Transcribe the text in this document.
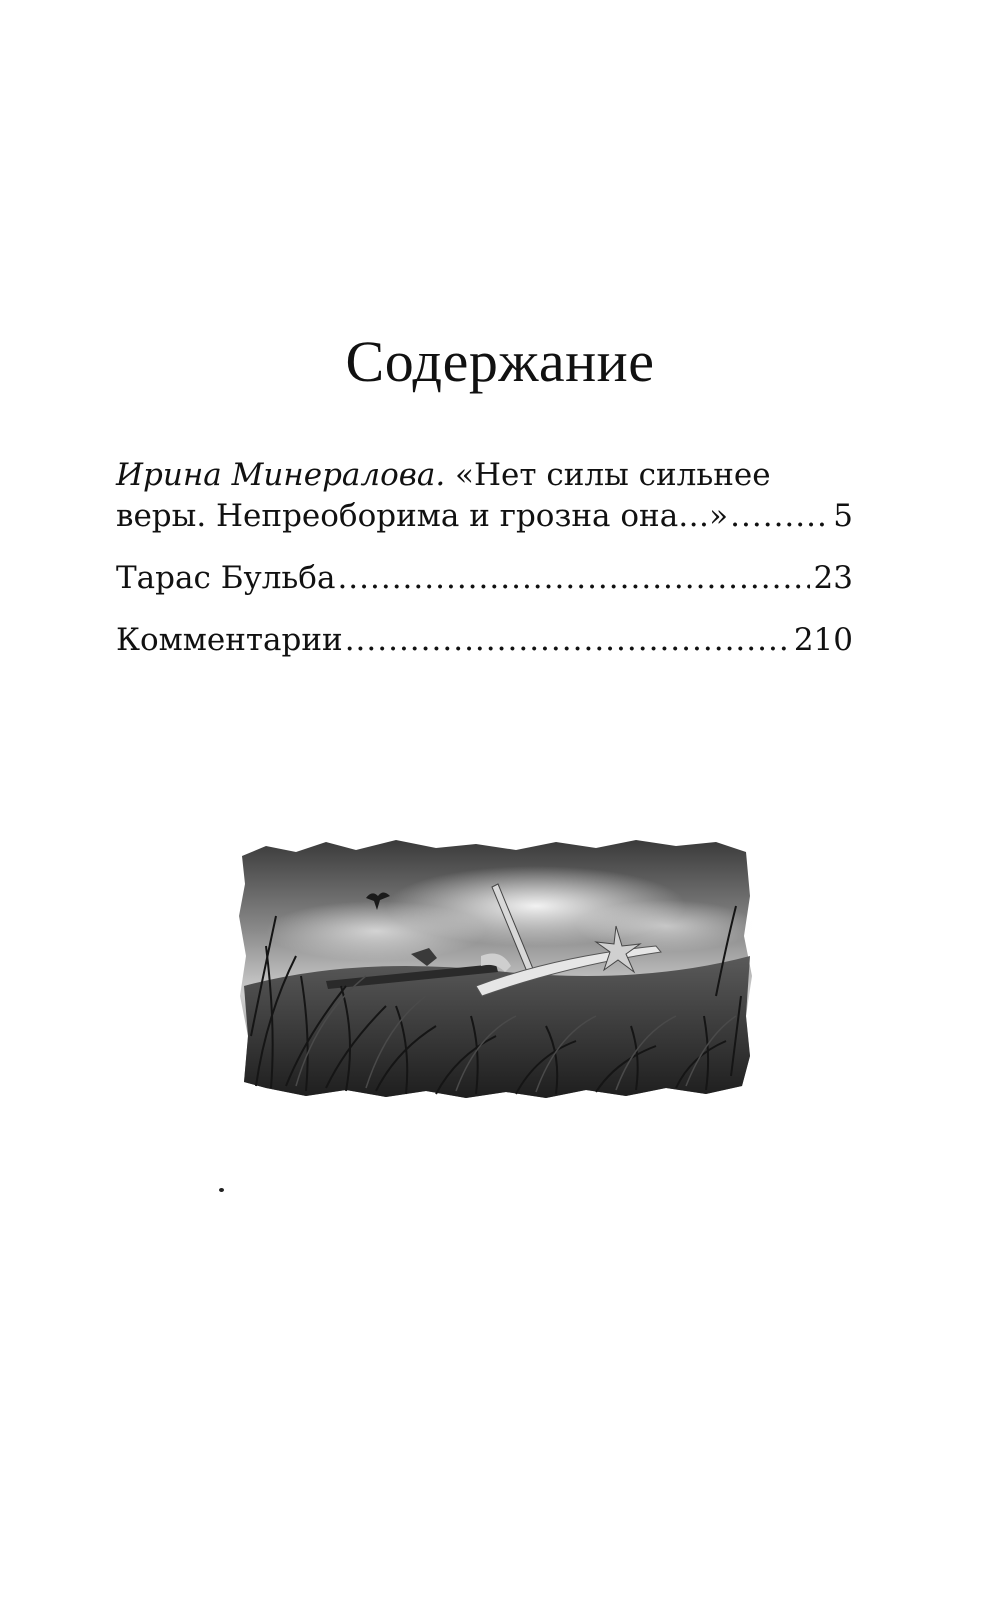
Содержание
Ирина Минералова.
«Нет силы сильнее
веры. Непреоборима и грозна она…» .....	5
Тарас Бульба .....	23
Комментарии .....	210
